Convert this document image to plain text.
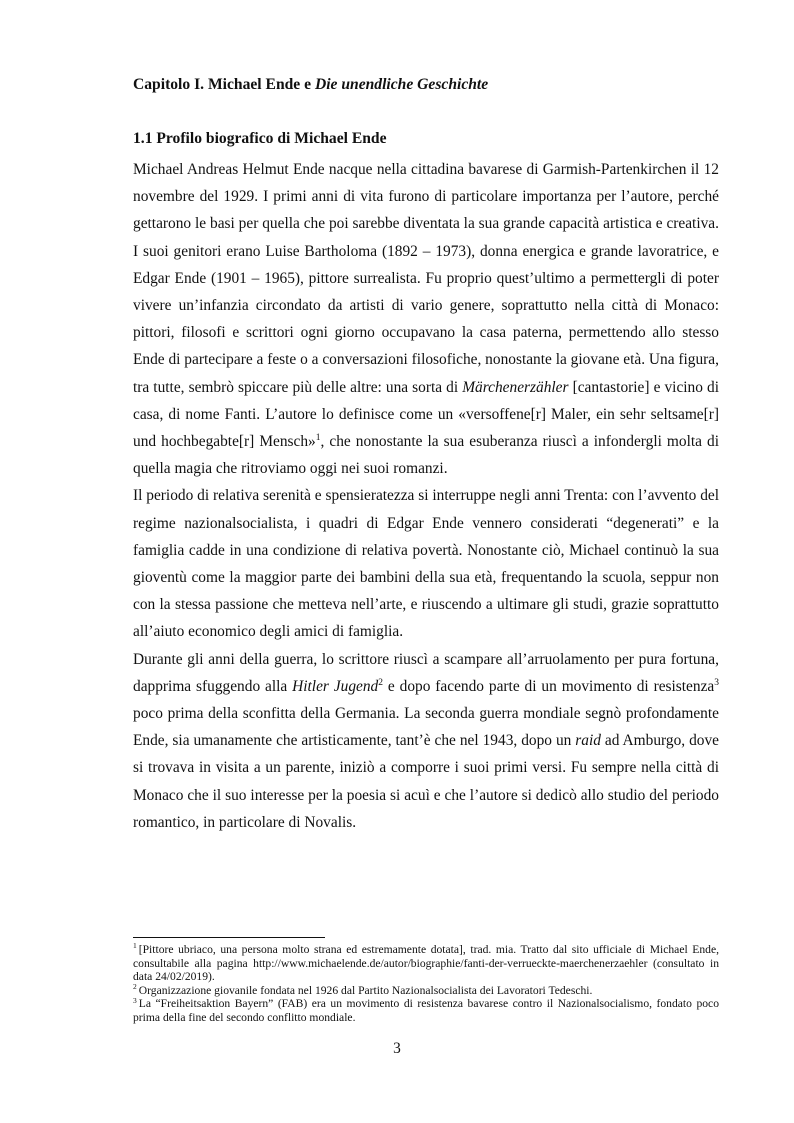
Capitolo I. Michael Ende e Die unendliche Geschichte
1.1 Profilo biografico di Michael Ende

Michael Andreas Helmut Ende nacque nella cittadina bavarese di Garmish-Partenkirchen il 12 novembre del 1929. I primi anni di vita furono di particolare importanza per l’autore, perché gettarono le basi per quella che poi sarebbe diventata la sua grande capacità artistica e creativa. I suoi genitori erano Luise Bartholoma (1892 – 1973), donna energica e grande lavoratrice, e Edgar Ende (1901 – 1965), pittore surrealista. Fu proprio quest’ultimo a permettergli di poter vivere un’infanzia circondato da artisti di vario genere, soprattutto nella città di Monaco: pittori, filosofi e scrittori ogni giorno occupavano la casa paterna, permettendo allo stesso Ende di partecipare a feste o a conversazioni filosofiche, nonostante la giovane età. Una figura, tra tutte, sembrò spiccare più delle altre: una sorta di Märchenerzähler [cantastorie] e vicino di casa, di nome Fanti. L’autore lo definisce come un «versoffene[r] Maler, ein sehr seltsame[r] und hochbegabte[r] Mensch»$^1$, che nonostante la sua esuberanza riuscì a infondergli molta di quella magia che ritroviamo oggi nei suoi romanzi.

Il periodo di relativa serenità e spensieratezza si interruppe negli anni Trenta: con l’avvento del regime nazionalsocialista, i quadri di Edgar Ende vennero considerati “degenerati” e la famiglia cadde in una condizione di relativa povertà. Nonostante ciò, Michael continuò la sua gioventù come la maggior parte dei bambini della sua età, frequentando la scuola, seppur non con la stessa passione che metteva nell’arte, e riuscendo a ultimare gli studi, grazie soprattutto all’aiuto economico degli amici di famiglia.

Durante gli anni della guerra, lo scrittore riuscì a scampare all’arruolamento per pura fortuna, dapprima sfuggendo alla Hitler Jugend$^2$ e dopo facendo parte di un movimento di resistenza$^3$ poco prima della sconfitta della Germania. La seconda guerra mondiale segnò profondamente Ende, sia umanamente che artisticamente, tant’è che nel 1943, dopo un raid ad Amburgo, dove si trovava in visita a un parente, iniziò a comporre i suoi primi versi. Fu sempre nella città di Monaco che il suo interesse per la poesia si acuì e che l’autore si dedicò allo studio del periodo romantico, in particolare di Novalis.

$^1$ [Pittore ubriaco, una persona molto strana ed estremamente dotata], trad. mia. Tratto dal sito ufficiale di Michael Ende, consultabile alla pagina http://www.michaelende.de/autor/biographie/fanti-der-verrueckte-maerchenerzaehler (consultato in data 24/02/2019).

$^2$ Organizzazione giovanile fondata nel 1926 dal Partito Nazionalsocialista dei Lavoratori Tedeschi.

$^3$ La “Freiheitsaktion Bayern” (FAB) era un movimento di resistenza bavarese contro il Nazionalsocialismo, fondato poco prima della fine del secondo conflitto mondiale.

3
